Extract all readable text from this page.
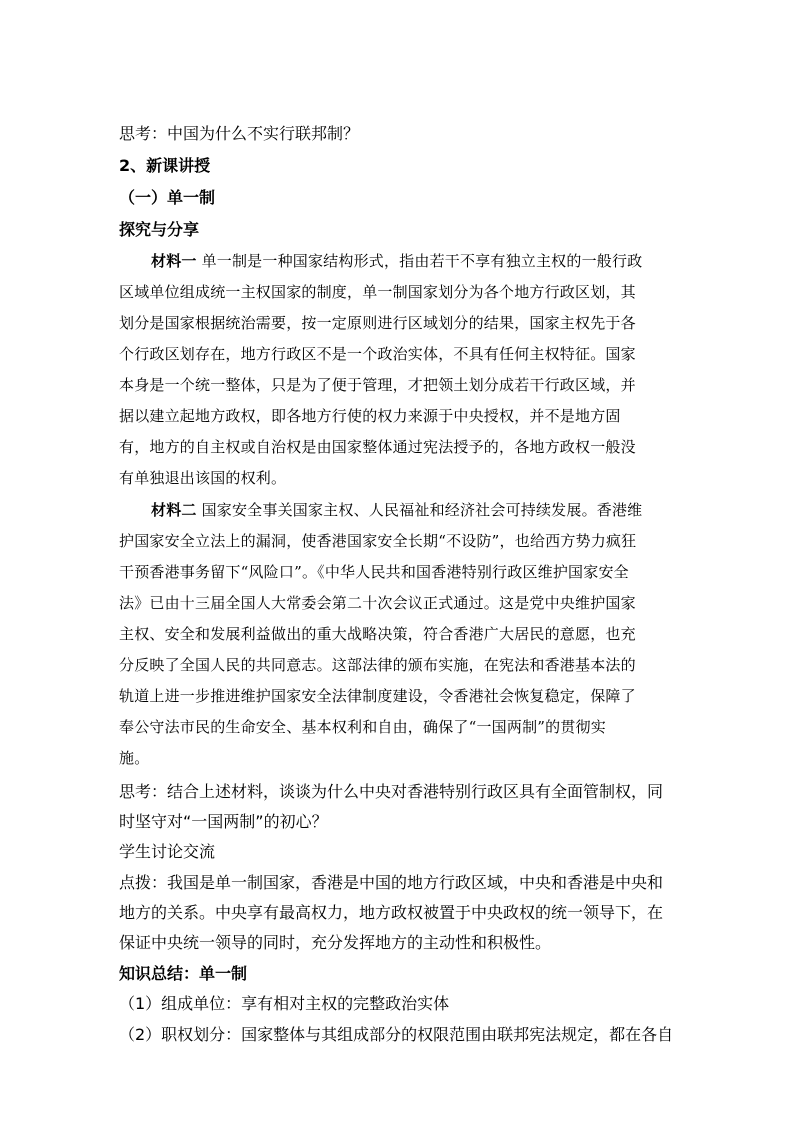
思考：中国为什么不实行联邦制？
2、新课讲授
（一）单一制
探究与分享
材料一 单一制是一种国家结构形式，指由若干不享有独立主权的一般行政
区域单位组成统一主权国家的制度，单一制国家划分为各个地方行政区划，其
划分是国家根据统治需要，按一定原则进行区域划分的结果，国家主权先于各
个行政区划存在，地方行政区不是一个政治实体，不具有任何主权特征。国家
本身是一个统一整体，只是为了便于管理，才把领土划分成若干行政区域，并
据以建立起地方政权，即各地方行使的权力来源于中央授权，并不是地方固
有，地方的自主权或自治权是由国家整体通过宪法授予的，各地方政权一般没
有单独退出该国的权利。
材料二 国家安全事关国家主权、人民福祉和经济社会可持续发展。香港维
护国家安全立法上的漏洞，使香港国家安全长期“不设防”，也给西方势力疯狂
干预香港事务留下“风险口”。《中华人民共和国香港特别行政区维护国家安全
法》已由十三届全国人大常委会第二十次会议正式通过。这是党中央维护国家
主权、安全和发展利益做出的重大战略决策，符合香港广大居民的意愿，也充
分反映了全国人民的共同意志。这部法律的颁布实施，在宪法和香港基本法的
轨道上进一步推进维护国家安全法律制度建设，令香港社会恢复稳定，保障了
奉公守法市民的生命安全、基本权利和自由，确保了“一国两制”的贯彻实
施。
思考：结合上述材料，谈谈为什么中央对香港特别行政区具有全面管制权，同
时坚守对“一国两制”的初心？
学生讨论交流
点拨：我国是单一制国家，香港是中国的地方行政区域，中央和香港是中央和
地方的关系。中央享有最高权力，地方政权被置于中央政权的统一领导下，在
保证中央统一领导的同时，充分发挥地方的主动性和积极性。
知识总结：单一制
（1）组成单位：享有相对主权的完整政治实体
（2）职权划分：国家整体与其组成部分的权限范围由联邦宪法规定，都在各自
